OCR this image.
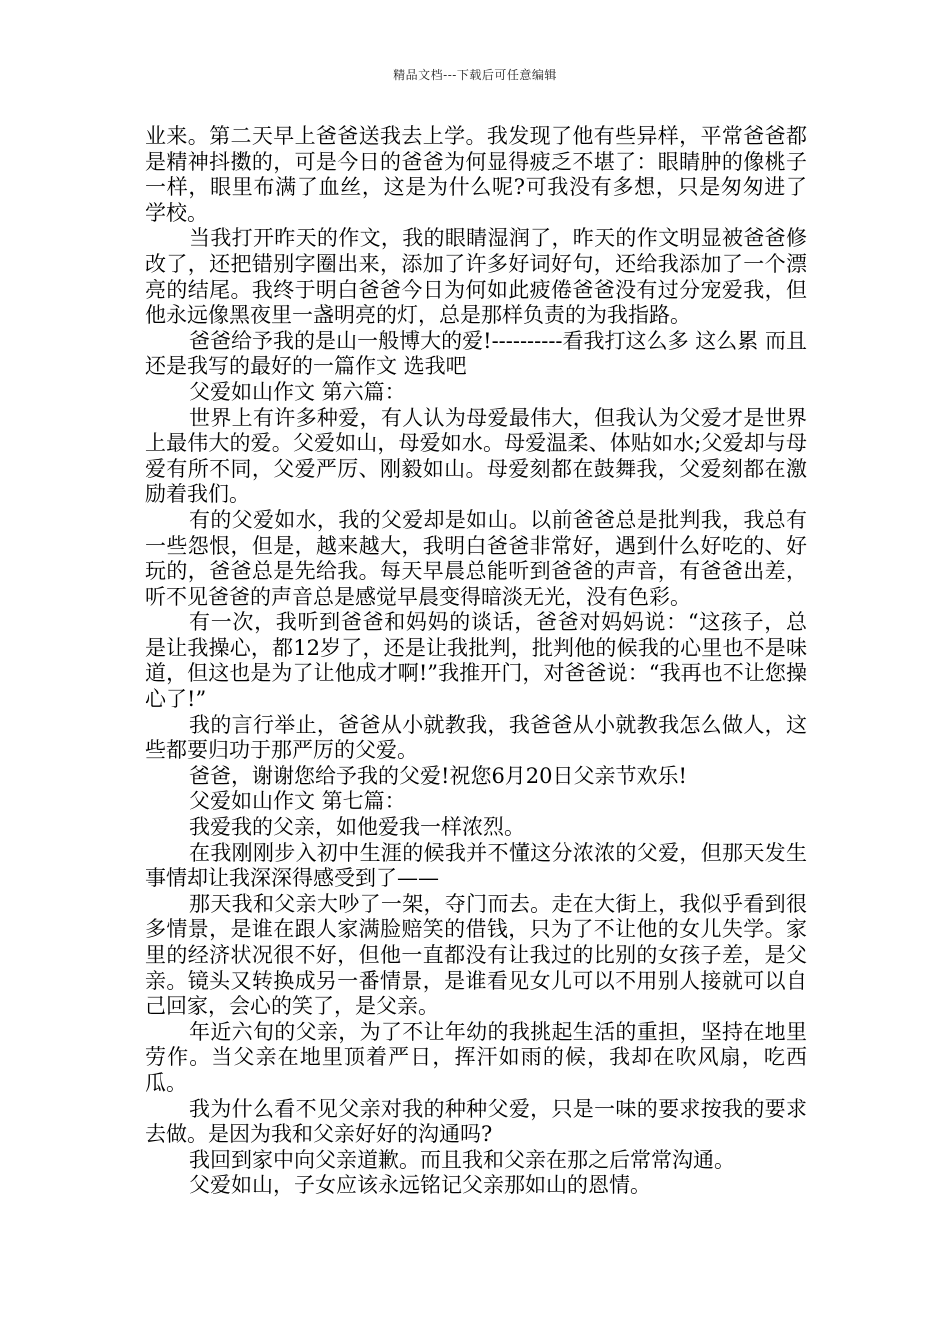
精品文档---下载后可任意编辑

业来。第二天早上爸爸送我去上学。我发现了他有些异样，平常爸爸都是精神抖擞的，可是今日的爸爸为何显得疲乏不堪了：眼睛肿的像桃子一样，眼里布满了血丝，这是为什么呢?可我没有多想，只是匆匆进了学校。

当我打开昨天的作文，我的眼睛湿润了，昨天的作文明显被爸爸修改了，还把错别字圈出来，添加了许多好词好句，还给我添加了一个漂亮的结尾。我终于明白爸爸今日为何如此疲倦爸爸没有过分宠爱我，但他永远像黑夜里一盏明亮的灯，总是那样负责的为我指路。

爸爸给予我的是山一般博大的爱!----------看我打这么多 这么累 而且还是我写的最好的一篇作文 选我吧

父爱如山作文 第六篇：

世界上有许多种爱，有人认为母爱最伟大，但我认为父爱才是世界上最伟大的爱。父爱如山，母爱如水。母爱温柔、体贴如水;父爱却与母爱有所不同，父爱严厉、刚毅如山。母爱刻都在鼓舞我，父爱刻都在激励着我们。

有的父爱如水，我的父爱却是如山。以前爸爸总是批判我，我总有一些怨恨，但是，越来越大，我明白爸爸非常好，遇到什么好吃的、好玩的，爸爸总是先给我。每天早晨总能听到爸爸的声音，有爸爸出差，听不见爸爸的声音总是感觉早晨变得暗淡无光，没有色彩。

有一次，我听到爸爸和妈妈的谈话，爸爸对妈妈说：“这孩子，总是让我操心，都12岁了，还是让我批判，批判他的候我的心里也不是味道，但这也是为了让他成才啊!”我推开门，对爸爸说：“我再也不让您操心了!”

我的言行举止，爸爸从小就教我，我爸爸从小就教我怎么做人，这些都要归功于那严厉的父爱。

爸爸，谢谢您给予我的父爱!祝您6月20日父亲节欢乐!

父爱如山作文 第七篇：

我爱我的父亲，如他爱我一样浓烈。

在我刚刚步入初中生涯的候我并不懂这分浓浓的父爱，但那天发生事情却让我深深得感受到了——

那天我和父亲大吵了一架，夺门而去。走在大街上，我似乎看到很多情景，是谁在跟人家满脸赔笑的借钱，只为了不让他的女儿失学。家里的经济状况很不好，但他一直都没有让我过的比别的女孩子差，是父亲。镜头又转换成另一番情景，是谁看见女儿可以不用别人接就可以自己回家，会心的笑了，是父亲。

年近六旬的父亲，为了不让年幼的我挑起生活的重担，坚持在地里劳作。当父亲在地里顶着严日，挥汗如雨的候，我却在吹风扇，吃西瓜。

我为什么看不见父亲对我的种种父爱，只是一味的要求按我的要求去做。是因为我和父亲好好的沟通吗?

我回到家中向父亲道歉。而且我和父亲在那之后常常沟通。

父爱如山，子女应该永远铭记父亲那如山的恩情。
